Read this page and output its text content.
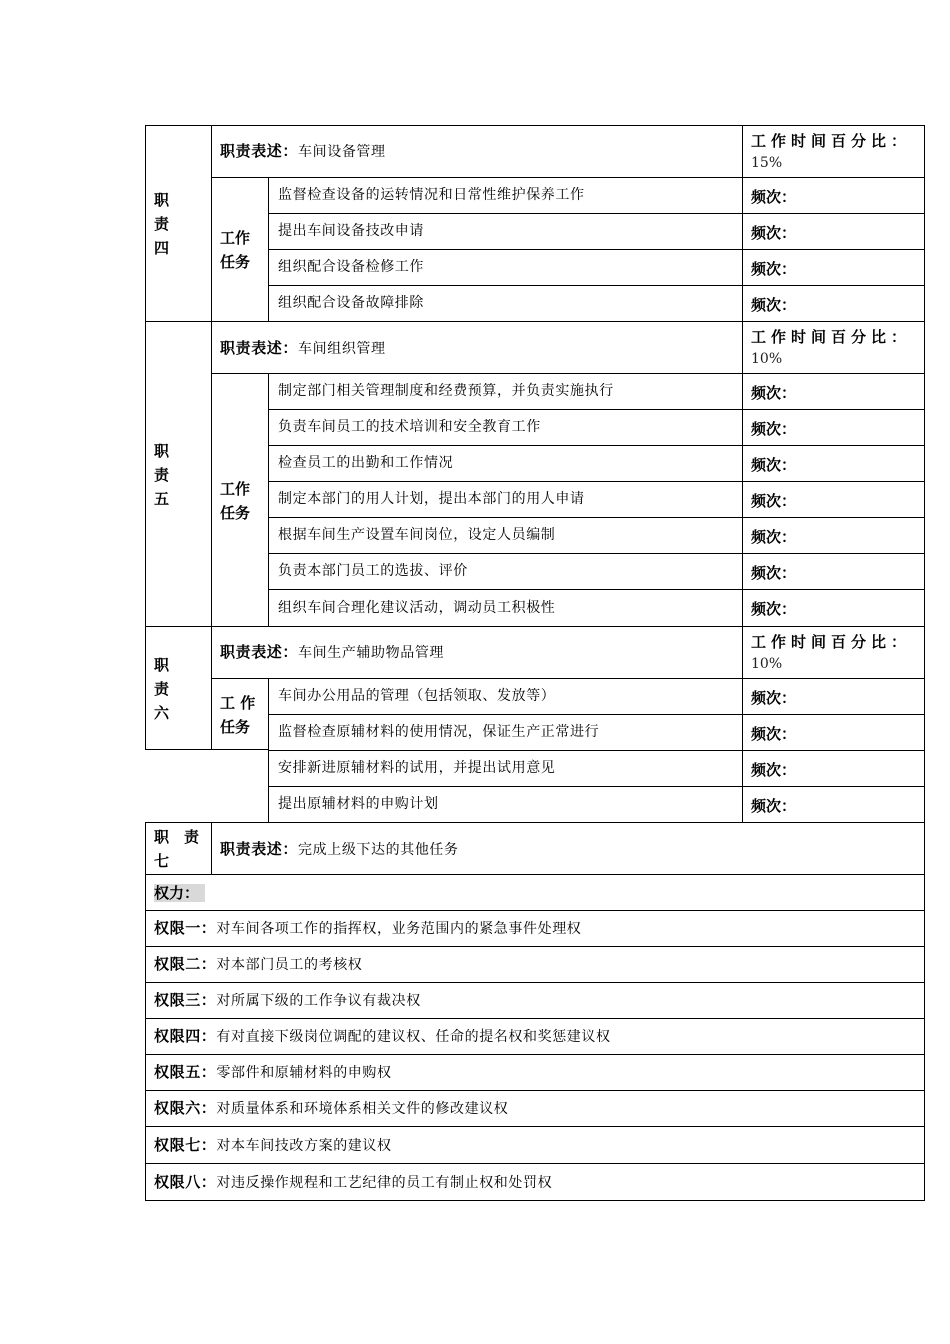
职
责
四
职责表述：车间设备管理
工作时间百分比：
15%
工作
任务
监督检查设备的运转情况和日常性维护保养工作	频次：
提出车间设备技改申请	频次：
组织配合设备检修工作	频次：
组织配合设备故障排除	频次：
职
责
五
职责表述：车间组织管理
工作时间百分比：
10%
工作
任务
制定部门相关管理制度和经费预算，并负责实施执行	频次：
负责车间员工的技术培训和安全教育工作	频次：
检查员工的出勤和工作情况	频次：
制定本部门的用人计划，提出本部门的用人申请	频次：
根据车间生产设置车间岗位，设定人员编制	频次：
负责本部门员工的选拔、评价	频次：
组织车间合理化建议活动，调动员工积极性	频次：
职
责
六
职责表述：车间生产辅助物品管理
工作时间百分比：
10%
工 作
任务
车间办公用品的管理（包括领取、发放等）	频次：
监督检查原辅材料的使用情况，保证生产正常进行	频次：
安排新进原辅材料的试用，并提出试用意见	频次：
提出原辅材料的申购计划	频次：
职　责
七
职责表述：完成上级下达的其他任务
权力：
权限一：对车间各项工作的指挥权，业务范围内的紧急事件处理权
权限二：对本部门员工的考核权
权限三：对所属下级的工作争议有裁决权
权限四：有对直接下级岗位调配的建议权、任命的提名权和奖惩建议权
权限五：零部件和原辅材料的申购权
权限六：对质量体系和环境体系相关文件的修改建议权
权限七：对本车间技改方案的建议权
权限八：对违反操作规程和工艺纪律的员工有制止权和处罚权
